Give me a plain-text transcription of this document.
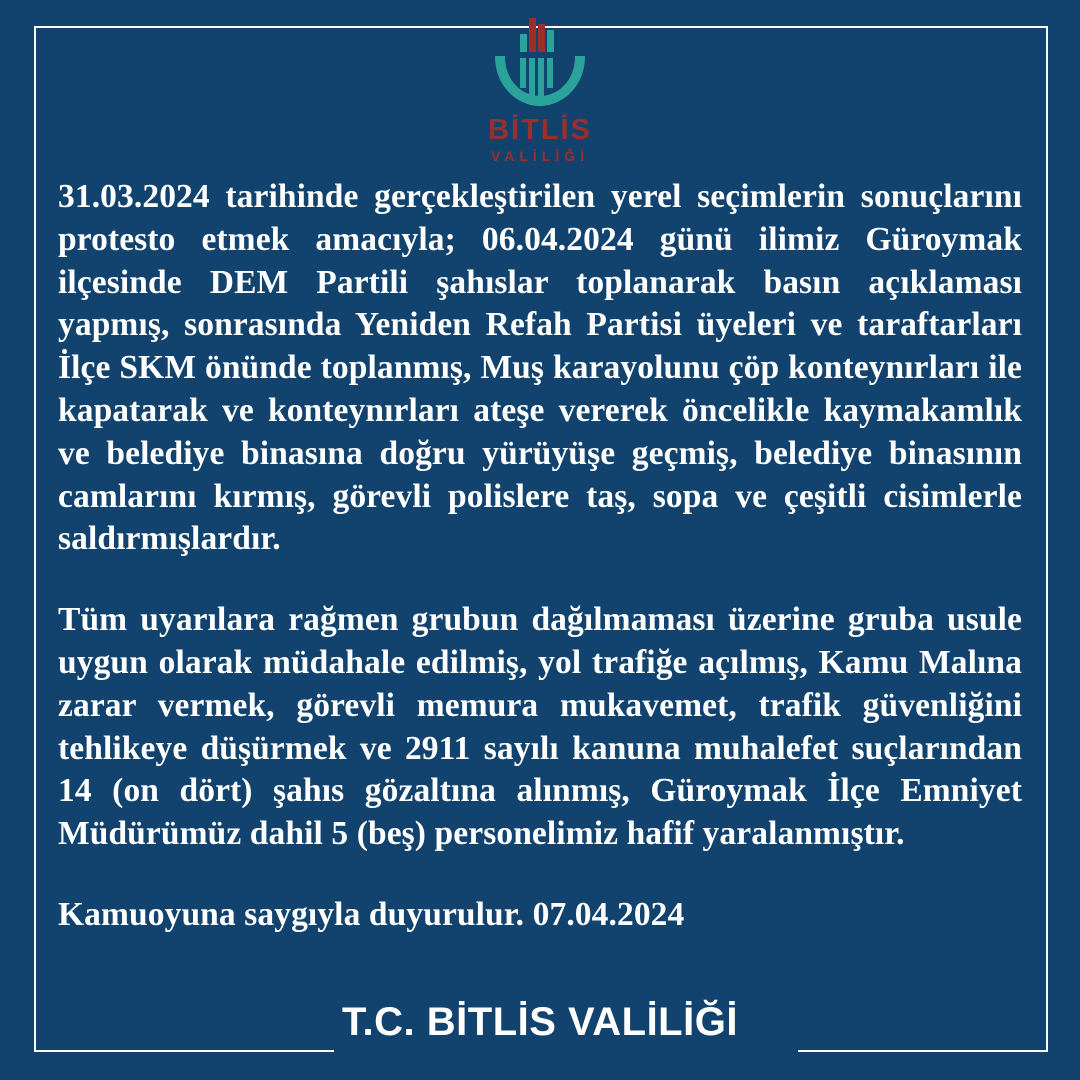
BİTLİS
VALİLİĞİ

31.03.2024 tarihinde gerçekleştirilen yerel seçimlerin sonuçlarını protesto etmek amacıyla; 06.04.2024 günü ilimiz Güroymak ilçesinde DEM Partili şahıslar toplanarak basın açıklaması yapmış, sonrasında Yeniden Refah Partisi üyeleri ve taraftarları İlçe SKM önünde toplanmış, Muş karayolunu çöp konteynırları ile kapatarak ve konteynırları ateşe vererek öncelikle kaymakamlık ve belediye binasına doğru yürüyüşe geçmiş, belediye binasının camlarını kırmış, görevli polislere taş, sopa ve çeşitli cisimlerle saldırmışlardır.

Tüm uyarılara rağmen grubun dağılmaması üzerine gruba usule uygun olarak müdahale edilmiş, yol trafiğe açılmış, Kamu Malına zarar vermek, görevli memura mukavemet, trafik güvenliğini tehlikeye düşürmek ve 2911 sayılı kanuna muhalefet suçlarından 14 (on dört) şahıs gözaltına alınmış, Güroymak İlçe Emniyet Müdürümüz dahil 5 (beş) personelimiz hafif yaralanmıştır.

Kamuoyuna saygıyla duyurulur. 07.04.2024

T.C. BİTLİS VALİLİĞİ
